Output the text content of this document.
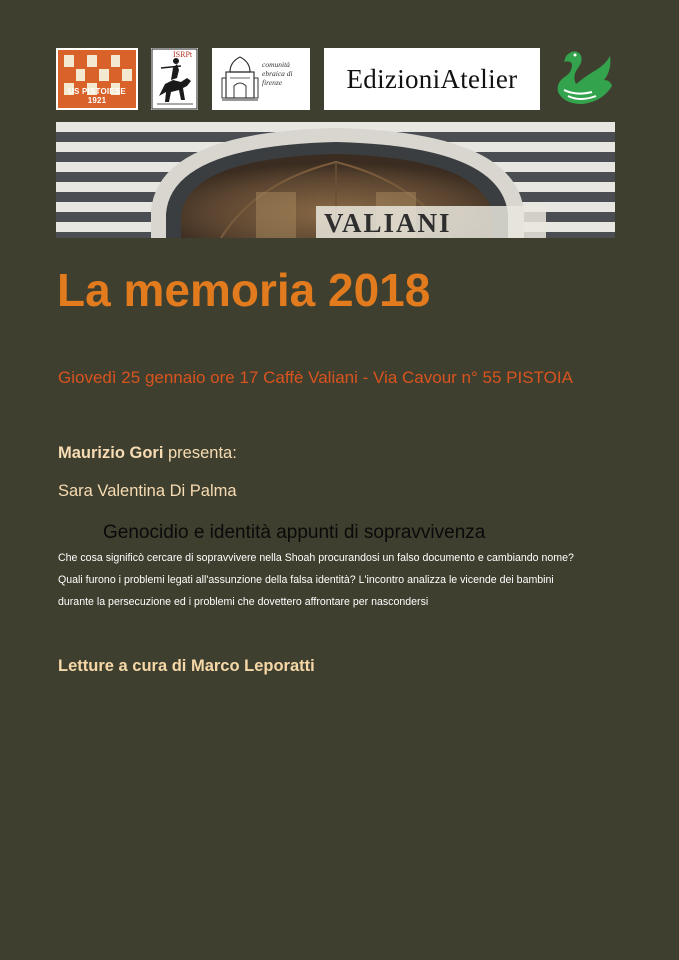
US PISTOIESE 1921
ISRPt
comunità ebraica di firenze	EdizioniAtelier
VALIANI
La memoria 2018
Giovedì 25 gennaio ore 17 Caffè Valiani - Via Cavour n° 55 PISTOIA
Maurizio Gori presenta:
Sara Valentina Di Palma
Genocidio e identità appunti di sopravvivenza
Che cosa significò cercare di sopravvivere nella Shoah procurandosi un falso documento e cambiando nome?
Quali furono i problemi legati all'assunzione della falsa identità? L'incontro analizza le vicende dei bambini
durante la persecuzione ed i problemi che dovettero affrontare per nascondersi
Letture a cura di Marco Leporatti
